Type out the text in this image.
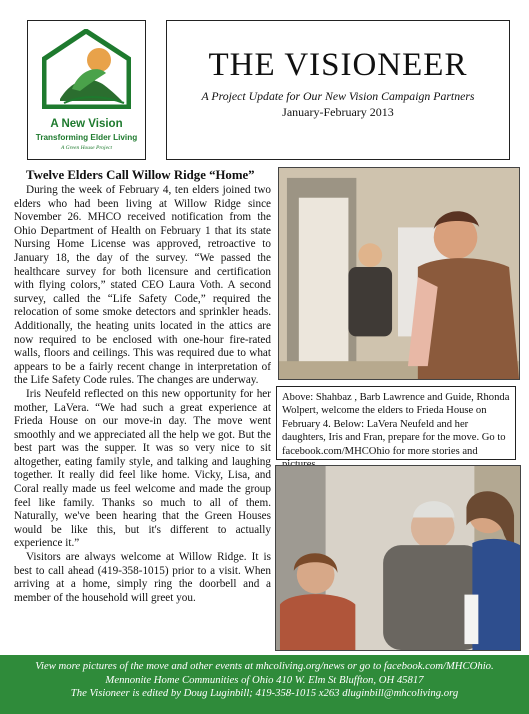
A New Vision
Transforming Elder Living
A Green House Project
THE VISIONEER
A Project Update for Our New Vision Campaign Partners
January-February 2013
Twelve Elders Call Willow Ridge “Home”

During the week of February 4, ten elders joined two elders who had been living at Willow Ridge since November 26. MHCO received notification from the Ohio Department of Health on February 1 that its state Nursing Home License was approved, retroactive to January 18, the day of the survey. “We passed the healthcare survey for both licensure and certification with flying colors,” stated CEO Laura Voth. A second survey, called the “Life Safety Code,” required the relocation of some smoke detectors and sprinkler heads. Additionally, the heating units located in the attics are now required to be enclosed with one-hour fire-rated walls, floors and ceilings. This was required due to what appears to be a fairly recent change in interpretation of the Life Safety Code rules. The changes are underway.

Iris Neufeld reflected on this new opportunity for her mother, LaVera. “We had such a great experience at Frieda House on our move-in day. The move went smoothly and we appreciated all the help we got. But the best part was the supper. It was so very nice to sit altogether, eating family style, and talking and laughing together. It really did feel like home. Vicky, Lisa, and Coral really made us feel welcome and made the group feel like family. Thanks so much to all of them. Naturally, we've been hearing that the Green Houses would be like this, but it's different to actually experience it.”

Visitors are always welcome at Willow Ridge. It is best to call ahead (419-358-1015) prior to a visit. When arriving at a home, simply ring the doorbell and a member of the household will greet you.

Above: Shahbaz , Barb Lawrence and Guide, Rhonda Wolpert, welcome the elders to Frieda House on February 4. Below: LaVera Neufeld and her daughters, Iris and Fran, prepare for the move. Go to facebook.com/MHCOhio for more stories and
View more pictures of the move and other events at mhcoliving.org/news or go to facebook.com/MHCOhio.
Mennonite Home Communities of Ohio 410 W. Elm St Bluffton, OH 45817
The Visioneer is edited by Doug Luginbill; 419-358-1015 x263 dluginbill@mhcoliving.org
